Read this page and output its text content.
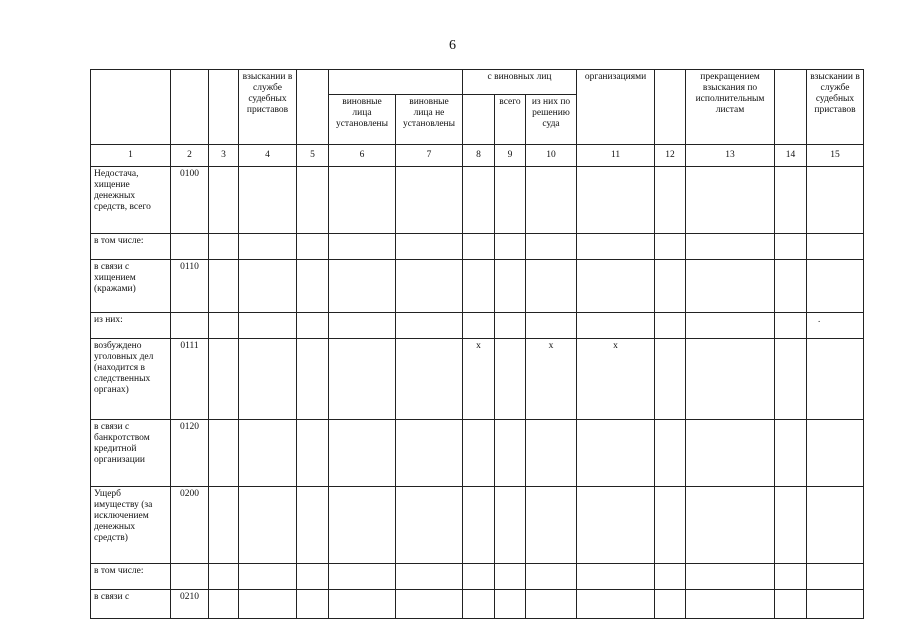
6
			взыскании в службе судебных приставов				с виновных лиц			организациями		прекращением взыскания по исполнительным листам		взыскании в службе судебных приставов
					виновные лица установлены	виновные лица не установлены		всего	из них по решению суда					
1	2	3	4	5	6	7	8	9	10	11	12	13	14	15
Недостача, хищение денежных средств, всего	0100													
в том числе:														
в связи с хищением (кражами)	0110													
из них:														
возбуждено уголовных дел (находится в следственных органах)	0111						x		x	x				
в связи с банкротством кредитной организации	0120													
Ущерб имуществу (за исключением денежных средств)	0200													
в том числе:														
в связи с	0210													
.
